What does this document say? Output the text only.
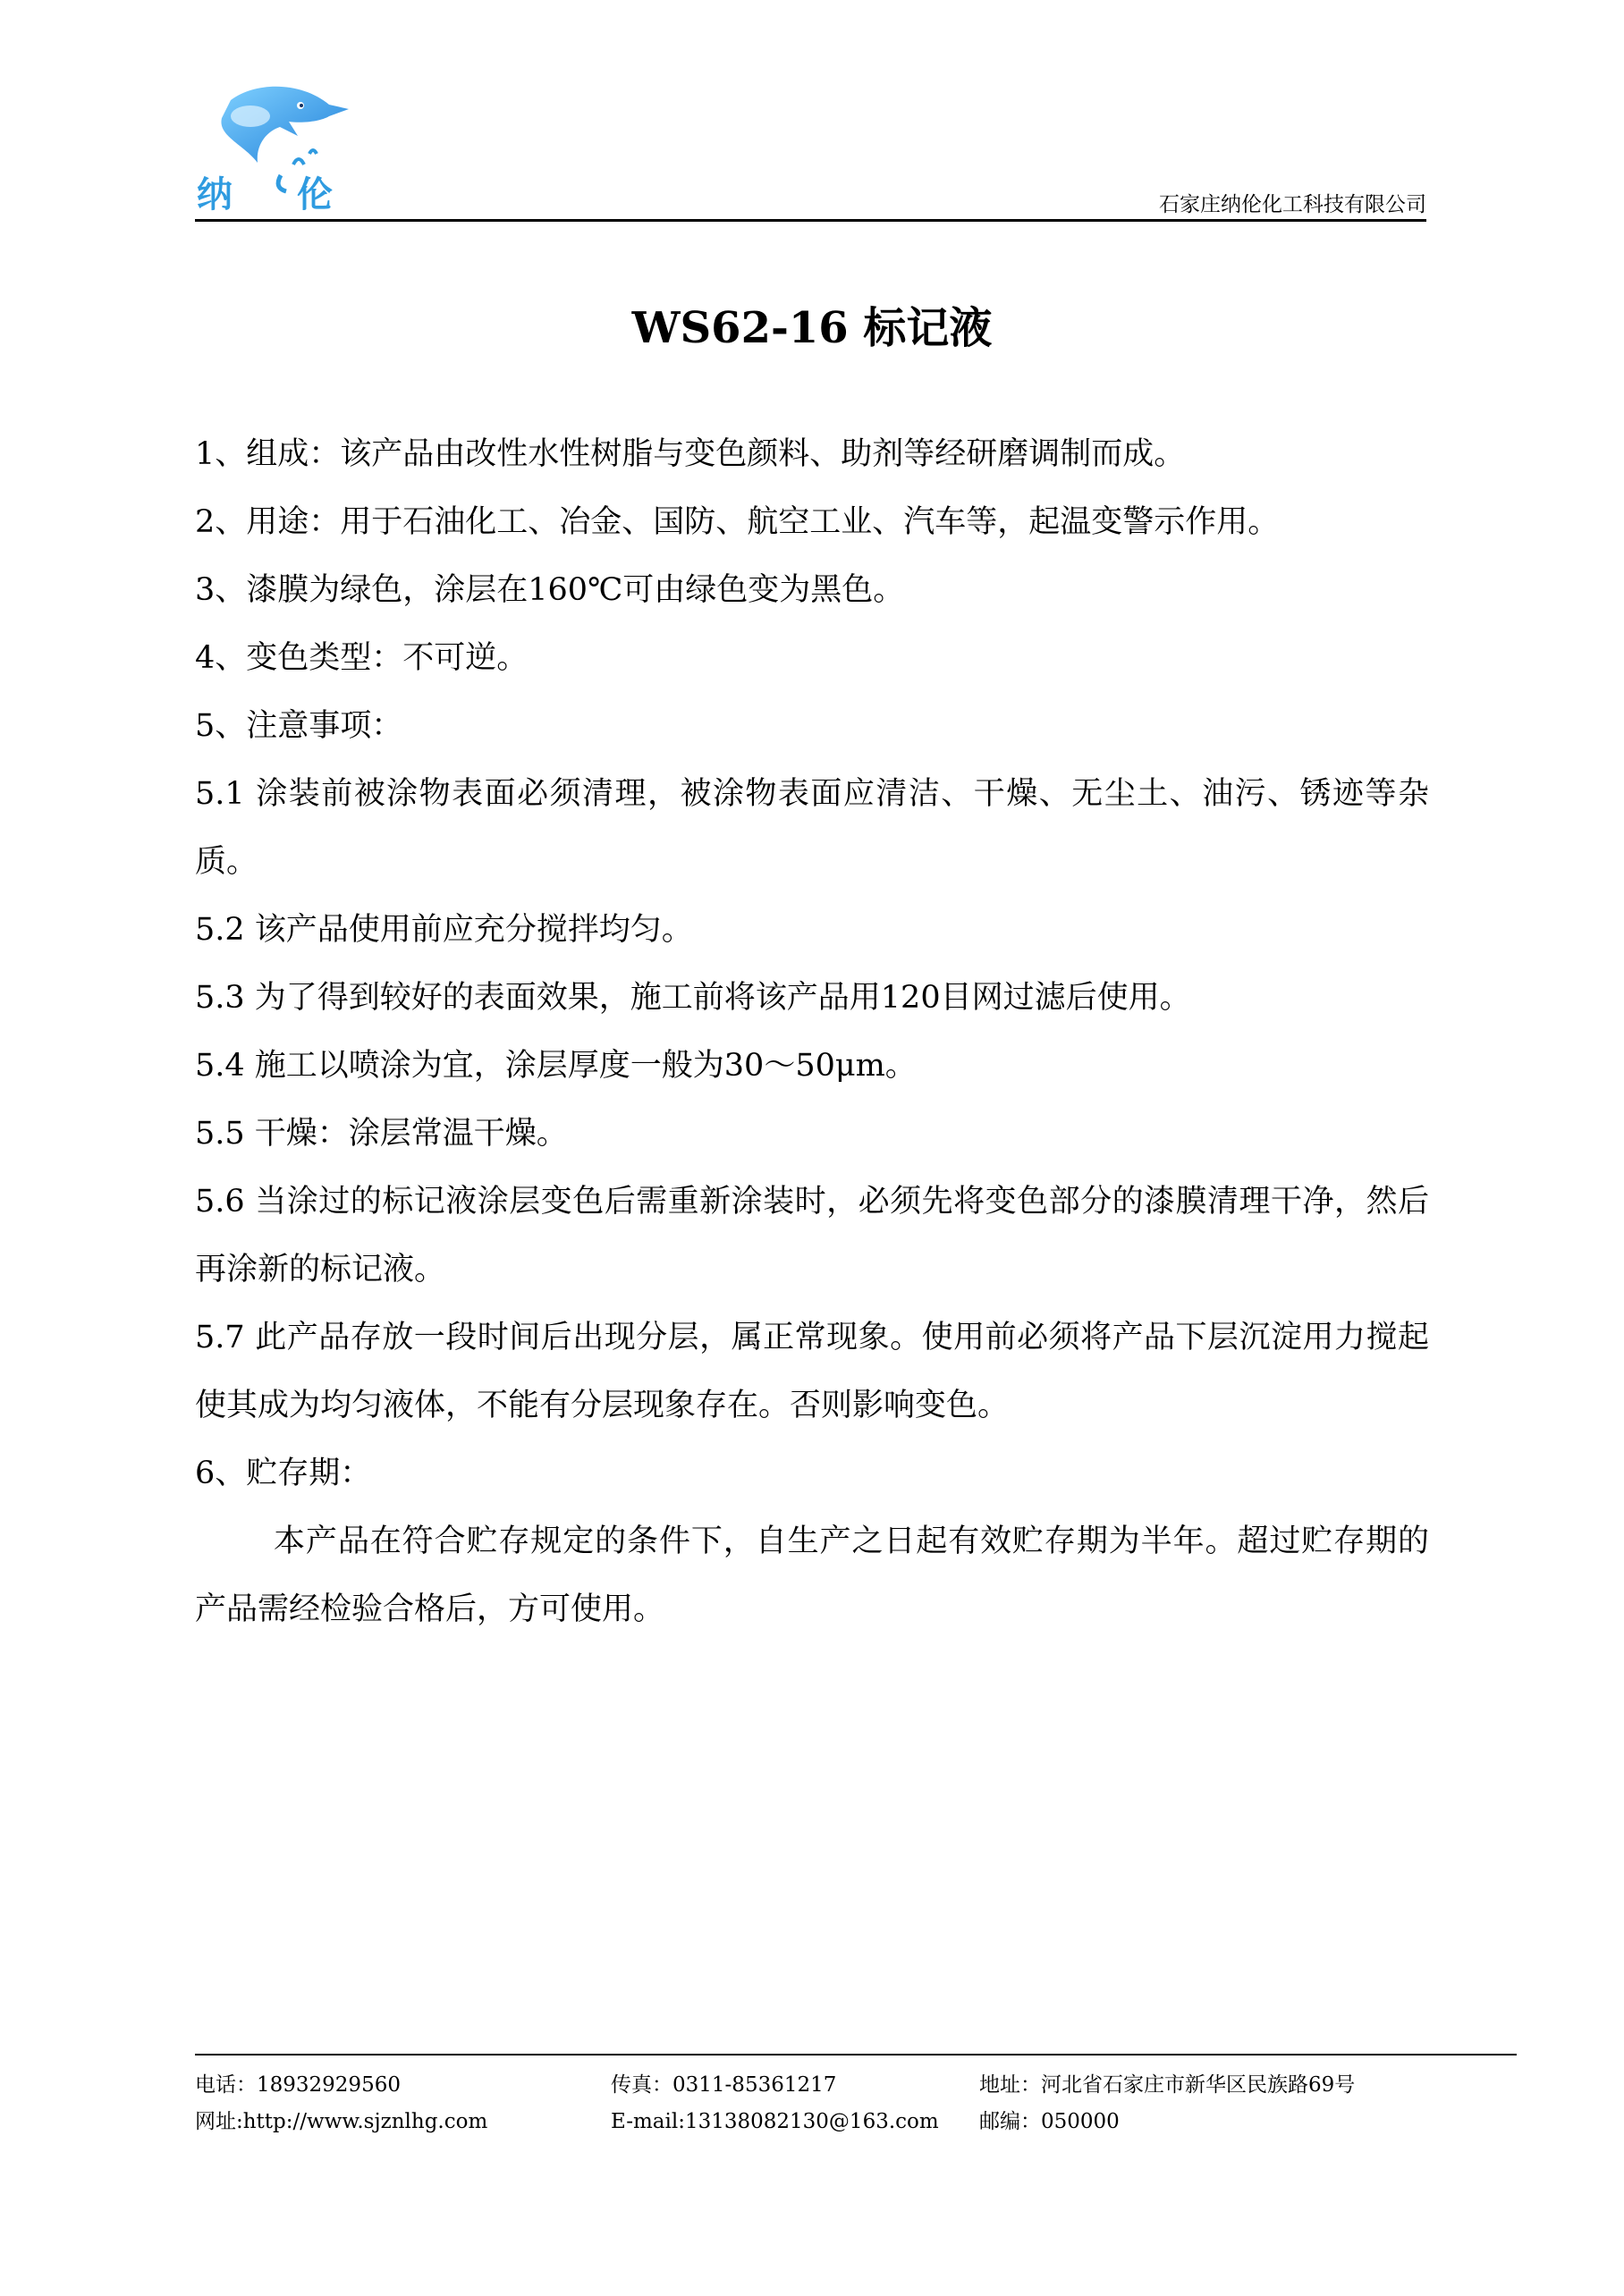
纳 伦	石家庄纳伦化工科技有限公司
WS62-16 标记液

1、组成：该产品由改性水性树脂与变色颜料、助剂等经研磨调制而成。

2、用途：用于石油化工、冶金、国防、航空工业、汽车等，起温变警示作用。

3、漆膜为绿色，涂层在160℃可由绿色变为黑色。

4、变色类型：不可逆。

5、注意事项：

5.1 涂装前被涂物表面必须清理，被涂物表面应清洁、干燥、无尘土、油污、锈迹等杂质。

5.2 该产品使用前应充分搅拌均匀。

5.3 为了得到较好的表面效果，施工前将该产品用120目网过滤后使用。

5.4 施工以喷涂为宜，涂层厚度一般为30～50μm。

5.5 干燥：涂层常温干燥。

5.6 当涂过的标记液涂层变色后需重新涂装时，必须先将变色部分的漆膜清理干净，然后再涂新的标记液。

5.7 此产品存放一段时间后出现分层，属正常现象。使用前必须将产品下层沉淀用力搅起使其成为均匀液体，不能有分层现象存在。否则影响变色。

6、贮存期：

本产品在符合贮存规定的条件下，自生产之日起有效贮存期为半年。超过贮存期的产品需经检验合格后，方可使用。

电话：18932929560
网址:http://www.sjznlhg.com
传真：0311-85361217
E-mail:13138082130@163.com
地址：河北省石家庄市新华区民族路69号
邮编：050000
